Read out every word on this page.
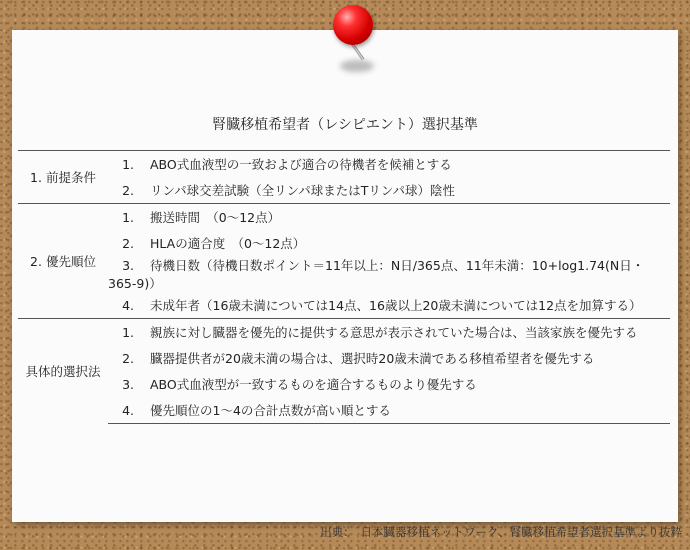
腎臓移植希望者（レシピエント）選択基準
1. 前提条件	1. ABO式血液型の一致および適合の待機者を候補とする
	2. リンパ球交差試験（全リンパ球またはTリンパ球）陰性
2. 優先順位	1. 搬送時間　（0〜12点）
	2. HLAの適合度　（0〜12点）
	3. 待機日数（待機日数ポイント＝11年以上：N日/365点、11年未満：10+log1.74(N日・365-9)）
	4. 未成年者（16歳未満については14点、16歳以上20歳未満については12点を加算する）
具体的選択法	1. 親族に対し臓器を優先的に提供する意思が表示されていた場合は、当該家族を優先する
	2. 臓器提供者が20歳未満の場合は、選択時20歳未満である移植希望者を優先する
	3. ABO式血液型が一致するものを適合するものより優先する
	4. 優先順位の1〜4の合計点数が高い順とする
出典：　日本臓器移植ネットワーク、腎臓移植希望者選択基準より抜粋
